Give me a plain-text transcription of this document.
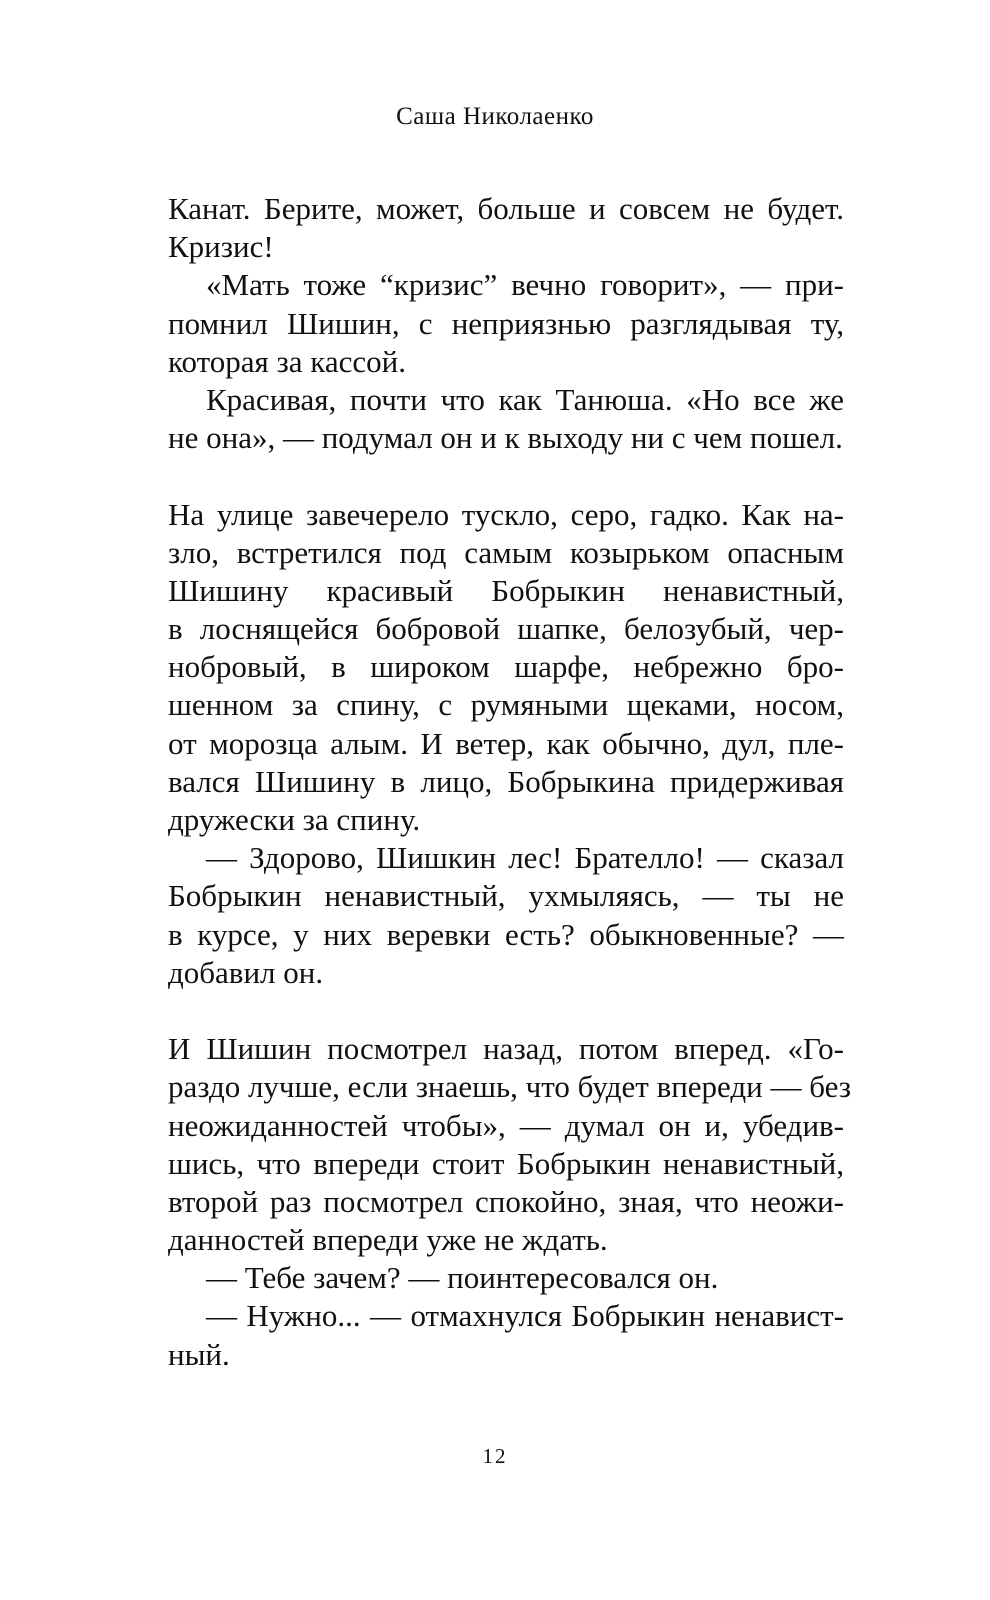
Саша Николаенко
Канат. Берите, может, больше и совсем не будет.
Кризис!
«Мать тоже “кризис” вечно говорит», — при-
помнил Шишин, с неприязнью разглядывая ту,
которая за кассой.
Красивая, почти что как Танюша. «Но все же
не она», — подумал он и к выходу ни с чем пошел.
На улице завечерело тускло, серо, гадко. Как на-
зло, встретился под самым козырьком опасным
Шишину красивый Бобрыкин ненавистный,
в лоснящейся бобровой шапке, белозубый, чер-
нобровый, в широком шарфе, небрежно бро-
шенном за спину, с румяными щеками, носом,
от морозца алым. И ветер, как обычно, дул, пле-
вался Шишину в лицо, Бобрыкина придерживая
дружески за спину.
— Здорово, Шишкин лес! Брателло! — сказал
Бобрыкин ненавистный, ухмыляясь, — ты не
в курсе, у них веревки есть? обыкновенные? —
добавил он.
И Шишин посмотрел назад, потом вперед. «Го-
раздо лучше, если знаешь, что будет впереди — без
неожиданностей чтобы», — думал он и, убедив-
шись, что впереди стоит Бобрыкин ненавистный,
второй раз посмотрел спокойно, зная, что неожи-
данностей впереди уже не ждать.
— Тебе зачем? — поинтересовался он.
— Нужно... — отмахнулся Бобрыкин ненавист-
ный.
12
